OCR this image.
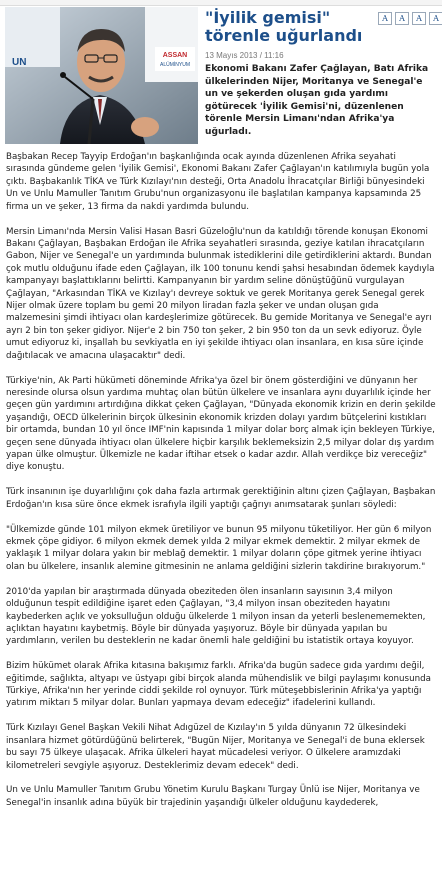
ASSAN
ALÜMİNYUM
UN
"İyilik gemisi" törenle uğurlandı
A	A	A	A
13 Mayıs 2013 / 11:16
Ekonomi Bakanı Zafer Çağlayan, Batı Afrika ülkelerinden Nijer, Moritanya ve Senegal'e un ve şekerden oluşan gıda yardımı götürecek 'İyilik Gemisi'ni, düzenlenen törenle Mersin Limanı'ndan Afrika'ya uğurladı.

Başbakan Recep Tayyip Erdoğan'ın başkanlığında ocak ayında düzenlenen Afrika seyahati sırasında gündeme gelen 'İyilik Gemisi', Ekonomi Bakanı Zafer Çağlayan'ın katılımıyla bugün yola çıktı. Başbakanlık TİKA ve Türk Kızılayı'nın desteği, Orta Anadolu İhracatçılar Birliği bünyesindeki Un ve Unlu Mamuller Tanıtım Grubu'nun organizasyonu ile başlatılan kampanya kapsamında 25 firma un ve şeker, 13 firma da nakdi yardımda bulundu.

Mersin Limanı'nda Mersin Valisi Hasan Basri Güzeloğlu'nun da katıldığı törende konuşan Ekonomi Bakanı Çağlayan, Başbakan Erdoğan ile Afrika seyahatleri sırasında, geziye katılan ihracatçıların Gabon, Nijer ve Senegal'e un yardımında bulunmak istediklerini dile getirdiklerini aktardı. Bundan çok mutlu olduğunu ifade eden Çağlayan, ilk 100 tonunu kendi şahsi hesabından ödemek kaydıyla kampanyayı başlattıklarını belirtti. Kampanyanın bir yardım seline dönüştüğünü vurgulayan Çağlayan, "Arkasından TİKA ve Kızılay'ı devreye soktuk ve gerek Moritanya gerek Senegal gerek Nijer olmak üzere toplam bu gemi 20 milyon liradan fazla şeker ve undan oluşan gıda malzemesini şimdi ihtiyacı olan kardeşlerimize götürecek. Bu gemide Moritanya ve Senegal'e ayrı ayrı 2 bin ton şeker gidiyor. Nijer'e 2 bin 750 ton şeker, 2 bin 950 ton da un sevk ediyoruz. Öyle umut ediyoruz ki, inşallah bu sevkiyatla en iyi şekilde ihtiyacı olan insanlara, en kısa süre içinde dağıtılacak ve amacına ulaşacaktır" dedi.

Türkiye'nin, Ak Parti hükümeti döneminde Afrika'ya özel bir önem gösterdiğini ve dünyanın her neresinde olursa olsun yardıma muhtaç olan bütün ülkelere ve insanlara aynı duyarlılık içinde her geçen gün yardımını artırdığına dikkat çeken Çağlayan, "Dünyada ekonomik krizin en derin şekilde yaşandığı, OECD ülkelerinin birçok ülkesinin ekonomik krizden dolayı yardım bütçelerini kıstıkları bir ortamda, bundan 10 yıl önce IMF'nin kapısında 1 milyar dolar borç almak için bekleyen Türkiye, geçen sene dünyada ihtiyacı olan ülkelere hiçbir karşılık beklemeksizin 2,5 milyar dolar dış yardım yapan ülke olmuştur. Ülkemizle ne kadar iftihar etsek o kadar azdır. Allah verdikçe biz vereceğiz" diye konuştu.

Türk insanının işe duyarlılığını çok daha fazla artırmak gerektiğinin altını çizen Çağlayan, Başbakan Erdoğan'ın kısa süre önce ekmek israfıyla ilgili yaptığı çağrıyı anımsatarak şunları söyledi:

"Ülkemizde günde 101 milyon ekmek üretiliyor ve bunun 95 milyonu tüketiliyor. Her gün 6 milyon ekmek çöpe gidiyor. 6 milyon ekmek demek yılda 2 milyar ekmek demektir. 2 milyar ekmek de yaklaşık 1 milyar dolara yakın bir meblağ demektir. 1 milyar doların çöpe gitmek yerine ihtiyacı olan bu ülkelere, insanlık alemine gitmesinin ne anlama geldiğini sizlerin takdirine bırakıyorum."

2010'da yapılan bir araştırmada dünyada obeziteden ölen insanların sayısının 3,4 milyon olduğunun tespit edildiğine işaret eden Çağlayan, "3,4 milyon insan obeziteden hayatını kaybederken açlık ve yoksulluğun olduğu ülkelerde 1 milyon insan da yeterli beslenememekten, açlıktan hayatını kaybetmiş. Böyle bir dünyada yaşıyoruz. Böyle bir dünyada yapılan bu yardımların, verilen bu desteklerin ne kadar önemli hale geldiğini bu istatistik ortaya koyuyor.

Bizim hükümet olarak Afrika kıtasına bakışımız farklı. Afrika'da bugün sadece gıda yardımı değil, eğitimde, sağlıkta, altyapı ve üstyapı gibi birçok alanda mühendislik ve bilgi paylaşımı konusunda Türkiye, Afrika'nın her yerinde ciddi şekilde rol oynuyor. Türk müteşebbislerinin Afrika'ya yaptığı yatırım miktarı 5 milyar dolar. Bunları yapmaya devam edeceğiz" ifadelerini kullandı.

Türk Kızılayı Genel Başkan Vekili Nihat Adıgüzel de Kızılay'ın 5 yılda dünyanın 72 ülkesindeki insanlara hizmet götürdüğünü belirterek, "Bugün Nijer, Moritanya ve Senegal'i de buna eklersek bu sayı 75 ülkeye ulaşacak. Afrika ülkeleri hayat mücadelesi veriyor. O ülkelere aramızdaki kilometreleri sevgiyle aşıyoruz. Desteklerimiz devam edecek" dedi.

Un ve Unlu Mamuller Tanıtım Grubu Yönetim Kurulu Başkanı Turgay Ünlü ise Nijer, Moritanya ve Senegal'in insanlık adına büyük bir trajedinin yaşandığı ülkeler olduğunu kaydederek,
